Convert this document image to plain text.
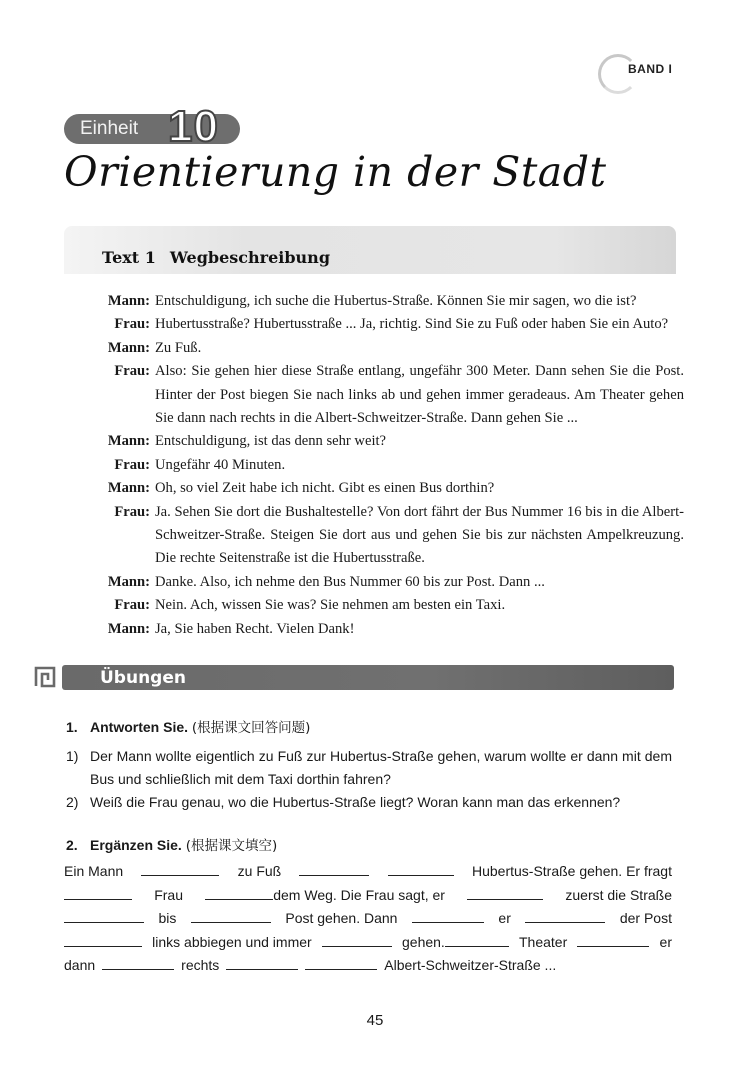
BAND I
Einheit 10
Orientierung in der Stadt
Text 1 Wegbeschreibung
Mann: Entschuldigung, ich suche die Hubertus-Straße. Können Sie mir sagen, wo die ist?
Frau: Hubertusstraße? Hubertusstraße ... Ja, richtig. Sind Sie zu Fuß oder haben Sie ein Auto?
Mann: Zu Fuß.
Frau: Also: Sie gehen hier diese Straße entlang, ungefähr 300 Meter. Dann sehen Sie die Post. Hinter der Post biegen Sie nach links ab und gehen immer geradeaus. Am Theater gehen Sie dann nach rechts in die Albert-Schweitzer-Straße. Dann gehen Sie ...
Mann: Entschuldigung, ist das denn sehr weit?
Frau: Ungefähr 40 Minuten.
Mann: Oh, so viel Zeit habe ich nicht. Gibt es einen Bus dorthin?
Frau: Ja. Sehen Sie dort die Bushaltestelle? Von dort fährt der Bus Nummer 16 bis in die Albert-Schweitzer-Straße. Steigen Sie dort aus und gehen Sie bis zur nächsten Ampelkreuzung. Die rechte Seitenstraße ist die Hubertusstraße.
Mann: Danke. Also, ich nehme den Bus Nummer 60 bis zur Post. Dann ...
Frau: Nein. Ach, wissen Sie was? Sie nehmen am besten ein Taxi.
Mann: Ja, Sie haben Recht. Vielen Dank!
Übungen
1. Antworten Sie. (根据课文回答问题)
1) Der Mann wollte eigentlich zu Fuß zur Hubertus-Straße gehen, warum wollte er dann mit dem Bus und schließlich mit dem Taxi dorthin fahren?
2) Weiß die Frau genau, wo die Hubertus-Straße liegt? Woran kann man das erkennen?
2. Ergänzen Sie. (根据课文填空)
Ein Mann	zu Fuß	Hubertus-Straße gehen. Er fragt
Frau	dem Weg. Die Frau sagt, er	zuerst die Straße
bis	Post gehen. Dann	er	der Post
links abbiegen und immer	gehen.	Theater	er
dann	rechts	Albert-Schweitzer-Straße ...
45
